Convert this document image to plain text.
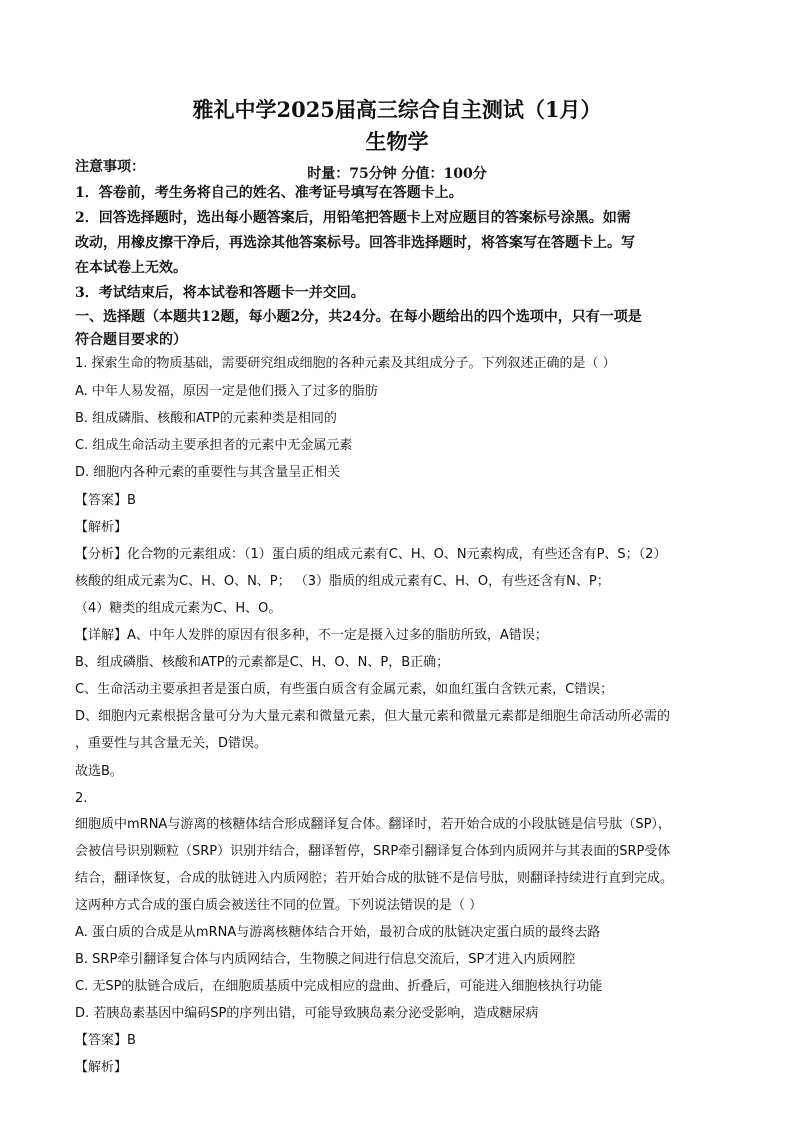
雅礼中学2025届高三综合自主测试（1月）
生物学
时量：75分钟 分值：100分
注意事项：
1．答卷前，考生务将自己的姓名、准考证号填写在答题卡上。
2．回答选择题时，选出每小题答案后，用铅笔把答题卡上对应题目的答案标号涂黑。如需
改动，用橡皮擦干净后，再选涂其他答案标号。回答非选择题时，将答案写在答题卡上。写
在本试卷上无效。
3．考试结束后，将本试卷和答题卡一并交回。
一、选择题（本题共12题，每小题2分，共24分。在每小题给出的四个选项中，只有一项是
符合题目要求的）
1. 探索生命的物质基础，需要研究组成细胞的各种元素及其组成分子。下列叙述正确的是（ ）
A. 中年人易发福，原因一定是他们摄入了过多的脂肪
B. 组成磷脂、核酸和ATP的元素种类是相同的
C. 组成生命活动主要承担者的元素中无金属元素
D. 细胞内各种元素的重要性与其含量呈正相关
【答案】B
【解析】
【分析】化合物的元素组成：（1）蛋白质的组成元素有C、H、O、N元素构成，有些还含有P、S；（2）
核酸的组成元素为C、H、O、N、P； （3）脂质的组成元素有C、H、O，有些还含有N、P；
（4）糖类的组成元素为C、H、O。
【详解】A、中年人发胖的原因有很多种，不一定是摄入过多的脂肪所致，A错误；
B、组成磷脂、核酸和ATP的元素都是C、H、O、N、P，B正确；
C、生命活动主要承担者是蛋白质，有些蛋白质含有金属元素，如血红蛋白含铁元素，C错误；
D、细胞内元素根据含量可分为大量元素和微量元素，但大量元素和微量元素都是细胞生命活动所必需的
，重要性与其含量无关，D错误。
故选B。
2.
细胞质中mRNA与游离的核糖体结合形成翻译复合体。翻译时，若开始合成的小段肽链是信号肽（SP），
会被信号识别颗粒（SRP）识别并结合，翻译暂停，SRP牵引翻译复合体到内质网并与其表面的SRP受体
结合，翻译恢复，合成的肽链进入内质网腔；若开始合成的肽链不是信号肽，则翻译持续进行直到完成。
这两种方式合成的蛋白质会被送往不同的位置。下列说法错误的是（ ）
A. 蛋白质的合成是从mRNA与游离核糖体结合开始，最初合成的肽链决定蛋白质的最终去路
B. SRP牵引翻译复合体与内质网结合，生物膜之间进行信息交流后，SP才进入内质网腔
C. 无SP的肽链合成后，在细胞质基质中完成相应的盘曲、折叠后，可能进入细胞核执行功能
D. 若胰岛素基因中编码SP的序列出错，可能导致胰岛素分泌受影响，造成糖尿病
【答案】B
【解析】
